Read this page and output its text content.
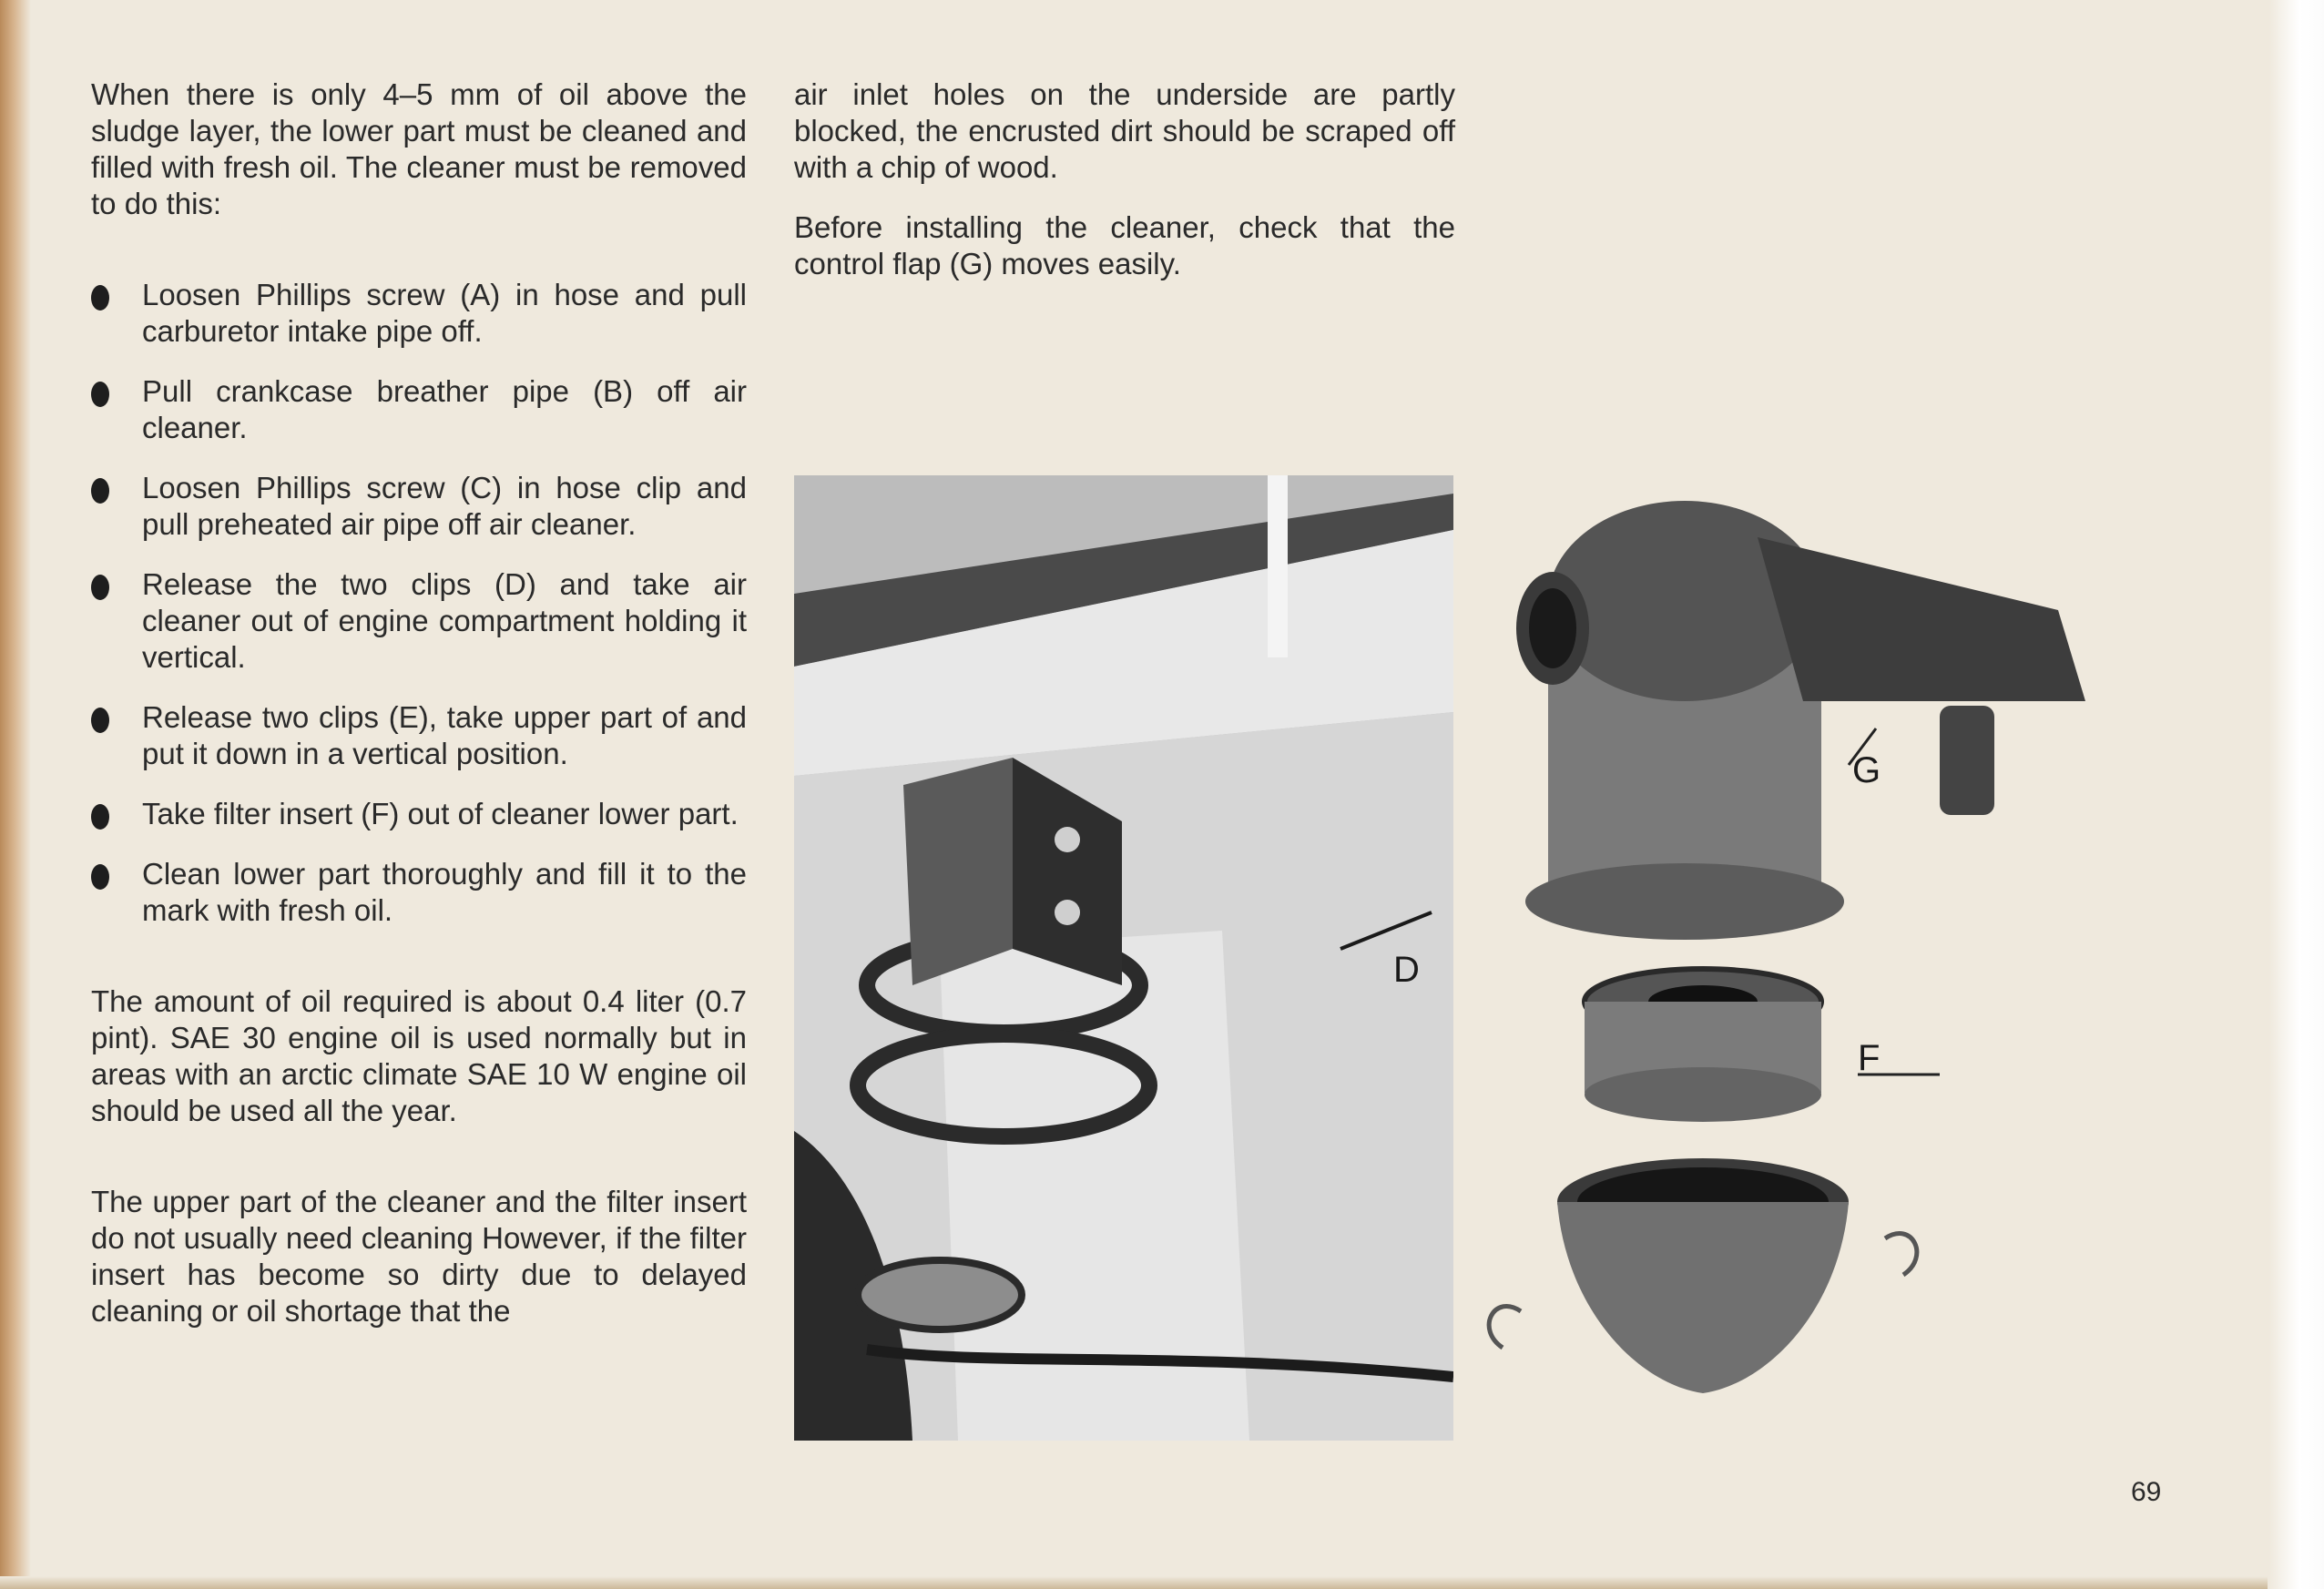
When there is only 4–5 mm of oil above the sludge layer, the lower part must be cleaned and filled with fresh oil. The cleaner must be removed to do this:

Loosen Phillips screw (A) in hose and pull carburetor intake pipe off.
Pull crankcase breather pipe (B) off air cleaner.
Loosen Phillips screw (C) in hose clip and pull preheated air pipe off air cleaner.
Release the two clips (D) and take air cleaner out of engine compartment holding it vertical.
Release two clips (E), take upper part of and put it down in a vertical position.
Take filter insert (F) out of cleaner lower part.
Clean lower part thoroughly and fill it to the mark with fresh oil.

The amount of oil required is about 0.4 liter (0.7 pint). SAE 30 engine oil is used normally but in areas with an arctic climate SAE 10 W engine oil should be used all the year.

The upper part of the cleaner and the filter insert do not usually need cleaning However, if the filter insert has become so dirty due to delayed cleaning or oil shortage that the

air inlet holes on the underside are partly blocked, the encrusted dirt should be scraped off with a chip of wood.

Before installing the cleaner, check that the control flap (G) moves easily.

D
F
G
69
